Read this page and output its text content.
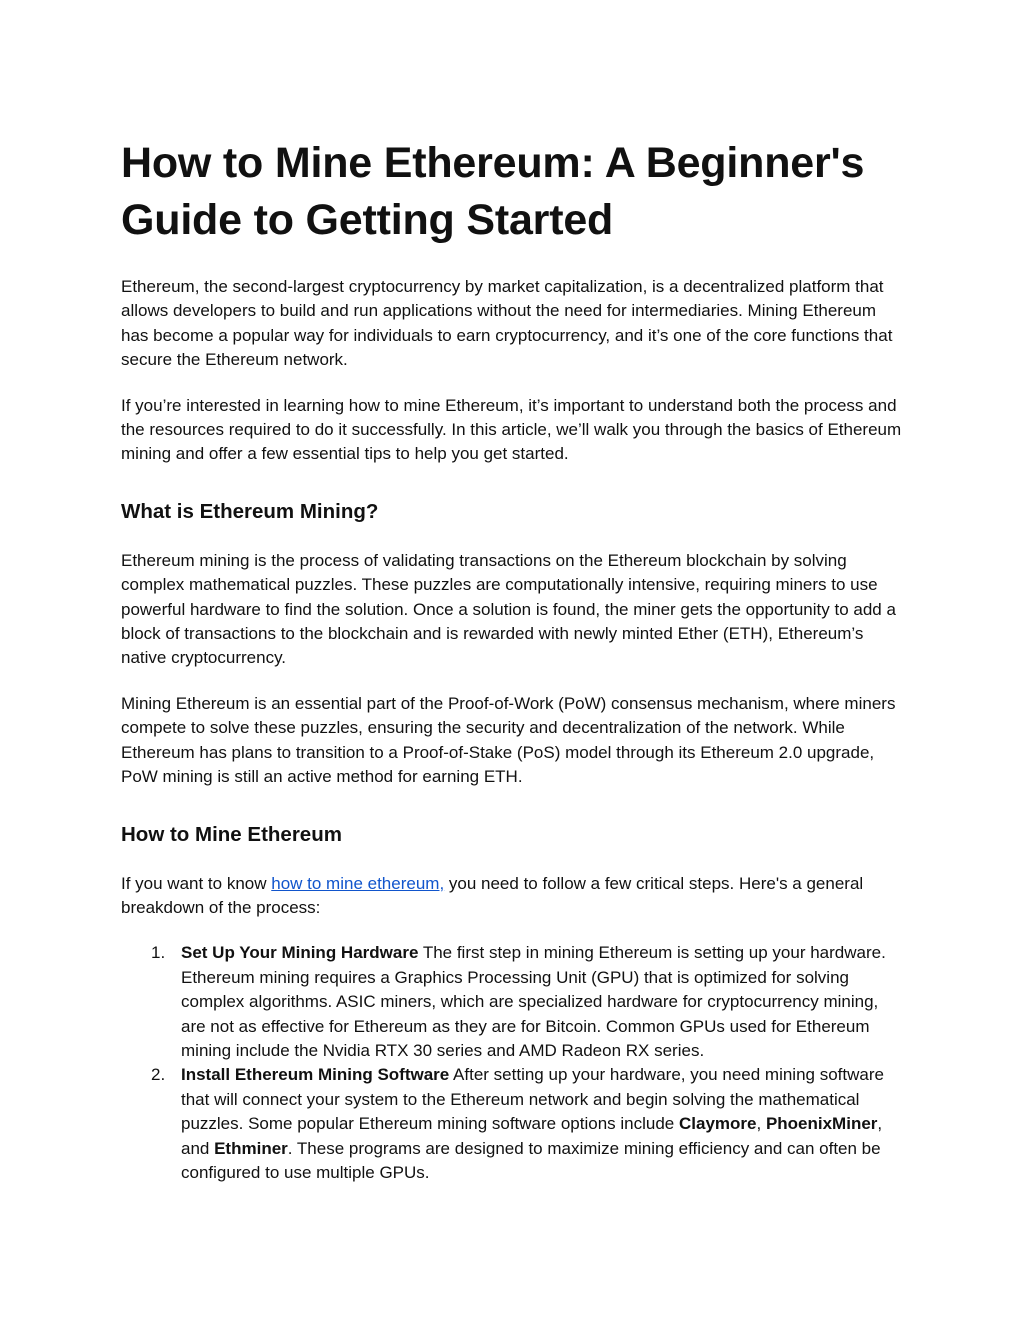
How to Mine Ethereum: A Beginner's Guide to Getting Started

Ethereum, the second-largest cryptocurrency by market capitalization, is a decentralized platform that allows developers to build and run applications without the need for intermediaries. Mining Ethereum has become a popular way for individuals to earn cryptocurrency, and it’s one of the core functions that secure the Ethereum network.

If you’re interested in learning how to mine Ethereum, it’s important to understand both the process and the resources required to do it successfully. In this article, we’ll walk you through the basics of Ethereum mining and offer a few essential tips to help you get started.

What is Ethereum Mining?

Ethereum mining is the process of validating transactions on the Ethereum blockchain by solving complex mathematical puzzles. These puzzles are computationally intensive, requiring miners to use powerful hardware to find the solution. Once a solution is found, the miner gets the opportunity to add a block of transactions to the blockchain and is rewarded with newly minted Ether (ETH), Ethereum’s native cryptocurrency.

Mining Ethereum is an essential part of the Proof-of-Work (PoW) consensus mechanism, where miners compete to solve these puzzles, ensuring the security and decentralization of the network. While Ethereum has plans to transition to a Proof-of-Stake (PoS) model through its Ethereum 2.0 upgrade, PoW mining is still an active method for earning ETH.

How to Mine Ethereum

If you want to know how to mine ethereum, you need to follow a few critical steps. Here's a general breakdown of the process:

1. Set Up Your Mining Hardware The first step in mining Ethereum is setting up your hardware. Ethereum mining requires a Graphics Processing Unit (GPU) that is optimized for solving complex algorithms. ASIC miners, which are specialized hardware for cryptocurrency mining, are not as effective for Ethereum as they are for Bitcoin. Common GPUs used for Ethereum mining include the Nvidia RTX 30 series and AMD Radeon RX series.
2. Install Ethereum Mining Software After setting up your hardware, you need mining software that will connect your system to the Ethereum network and begin solving the mathematical puzzles. Some popular Ethereum mining software options include Claymore, PhoenixMiner, and Ethminer. These programs are designed to maximize mining efficiency and can often be configured to use multiple GPUs.
